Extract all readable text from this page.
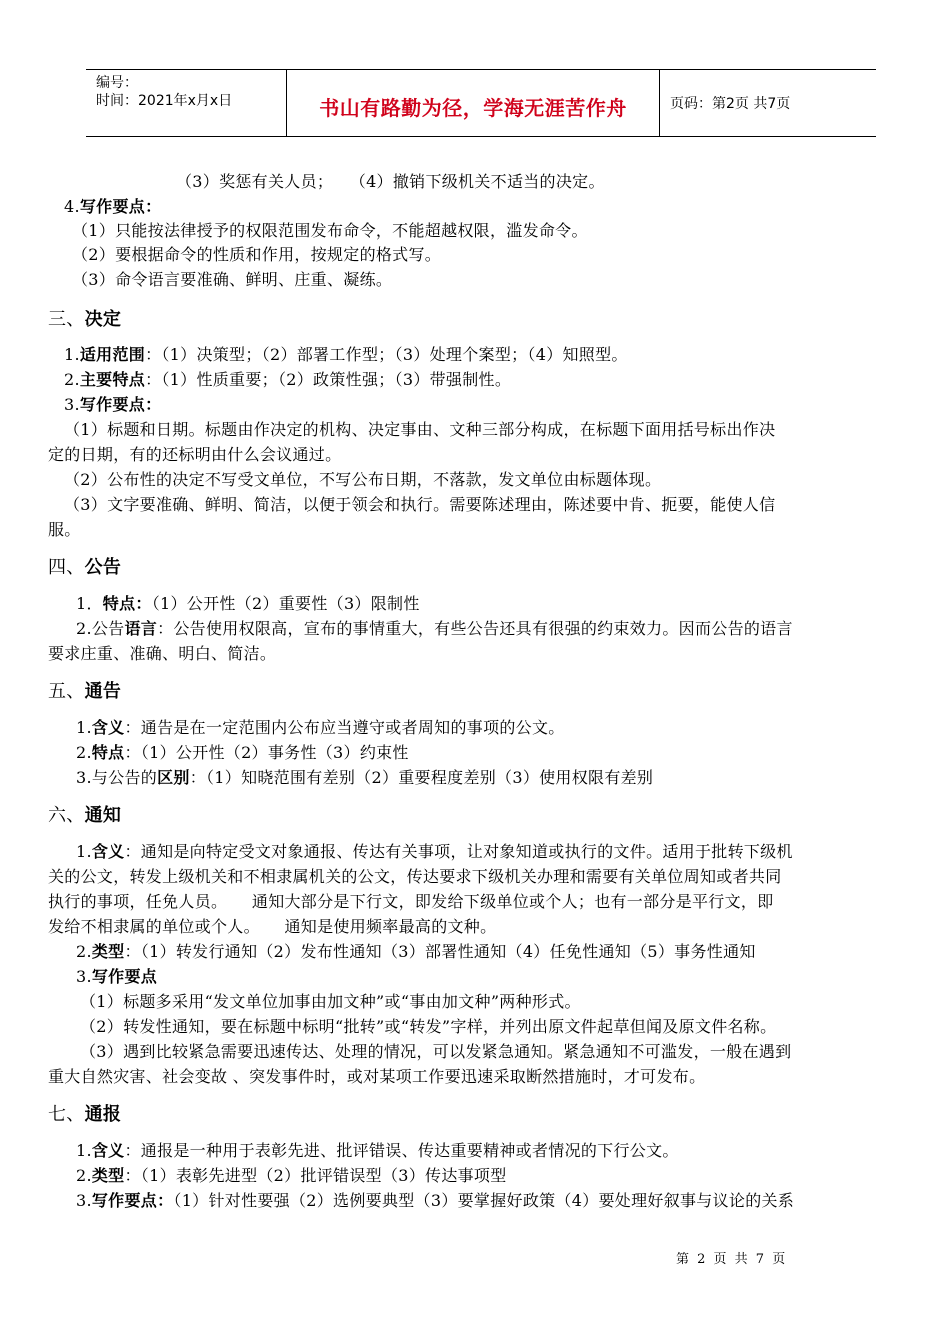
编号：
时间：2021年x月x日	书山有路勤为径，学海无涯苦作舟	页码：第2页 共7页
（3）奖惩有关人员；　　（4）撤销下级机关不适当的决定。
4.写作要点：
（1）只能按法律授予的权限范围发布命令，不能超越权限，滥发命令。
（2）要根据命令的性质和作用，按规定的格式写。
（3）命令语言要准确、鲜明、庄重、凝练。
三、决定
1.适用范围：（1）决策型；（2）部署工作型；（3）处理个案型；（4）知照型。
2.主要特点：（1）性质重要；（2）政策性强；（3）带强制性。
3.写作要点：
（1）标题和日期。标题由作决定的机构、决定事由、文种三部分构成，在标题下面用括号标出作决
定的日期，有的还标明由什么会议通过。
（2）公布性的决定不写受文单位，不写公布日期，不落款，发文单位由标题体现。
（3）文字要准确、鲜明、简洁，以便于领会和执行。需要陈述理由，陈述要中肯、扼要，能使人信
服。
四、公告
1．特点：（1）公开性（2）重要性（3）限制性
2.公告语言：公告使用权限高，宣布的事情重大，有些公告还具有很强的约束效力。因而公告的语言
要求庄重、准确、明白、简洁。
五、通告
1.含义：通告是在一定范围内公布应当遵守或者周知的事项的公文。
2.特点：（1）公开性（2）事务性（3）约束性
3.与公告的区别：（1）知晓范围有差别（2）重要程度差别（3）使用权限有差别
六、通知
1.含义：通知是向特定受文对象通报、传达有关事项，让对象知道或执行的文件。适用于批转下级机
关的公文，转发上级机关和不相隶属机关的公文，传达要求下级机关办理和需要有关单位周知或者共同
执行的事项，任免人员。　　通知大部分是下行文，即发给下级单位或个人；也有一部分是平行文，即
发给不相隶属的单位或个人。　　通知是使用频率最高的文种。
2.类型：（1）转发行通知（2）发布性通知（3）部署性通知（4）任免性通知（5）事务性通知
3.写作要点
（1）标题多采用“发文单位加事由加文种”或“事由加文种”两种形式。
（2）转发性通知，要在标题中标明“批转”或“转发”字样，并列出原文件起草但闻及原文件名称。
（3）遇到比较紧急需要迅速传达、处理的情况，可以发紧急通知。紧急通知不可滥发，一般在遇到
重大自然灾害、社会变故 、突发事件时，或对某项工作要迅速采取断然措施时，才可发布。
七、通报
1.含义：通报是一种用于表彰先进、批评错误、传达重要精神或者情况的下行公文。
2.类型：（1）表彰先进型（2）批评错误型（3）传达事项型
3.写作要点：（1）针对性要强（2）选例要典型（3）要掌握好政策（4）要处理好叙事与议论的关系
第 2 页 共 7 页
